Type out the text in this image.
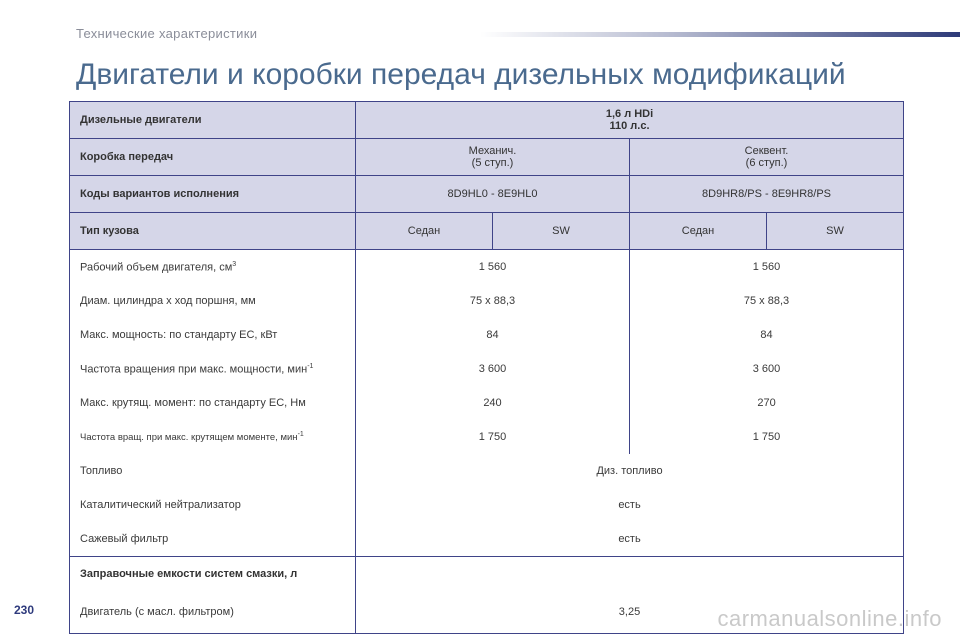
Технические характеристики
Двигатели и коробки передач дизельных модификаций
Дизельные двигатели	1,6 л HDi
110 л.с.			

Коробка передач	Механич.
(5 ступ.)		Секвент.
(6 ступ.)	

Коды вариантов исполнения	8D9HL0 - 8E9HL0		8D9HR8/PS - 8E9HR8/PS	
Тип кузова	Седан	SW	Седан	SW
Рабочий объем двигателя, $см^3$	1 560		1 560	
Диам. цилиндра x ход поршня, мм	75 x 88,3		75 x 88,3	
Макс. мощность: по стандарту ЕС, кВт	84		84	
Частота вращения при макс. мощности, мин$^{-1}$	3 600		3 600	
Макс. крутящ. момент: по стандарту ЕС, Нм	240		270	
Частота вращ. при макс. крутящем моменте, мин$^{-1}$	1 750		1 750	
Топливо	Диз. топливо			
Каталитический нейтрализатор	есть			
Сажевый фильтр	есть			
Заправочные емкости систем смазки, л				
Двигатель (с масл. фильтром)	3,25			
230	carmanualsonline.info
